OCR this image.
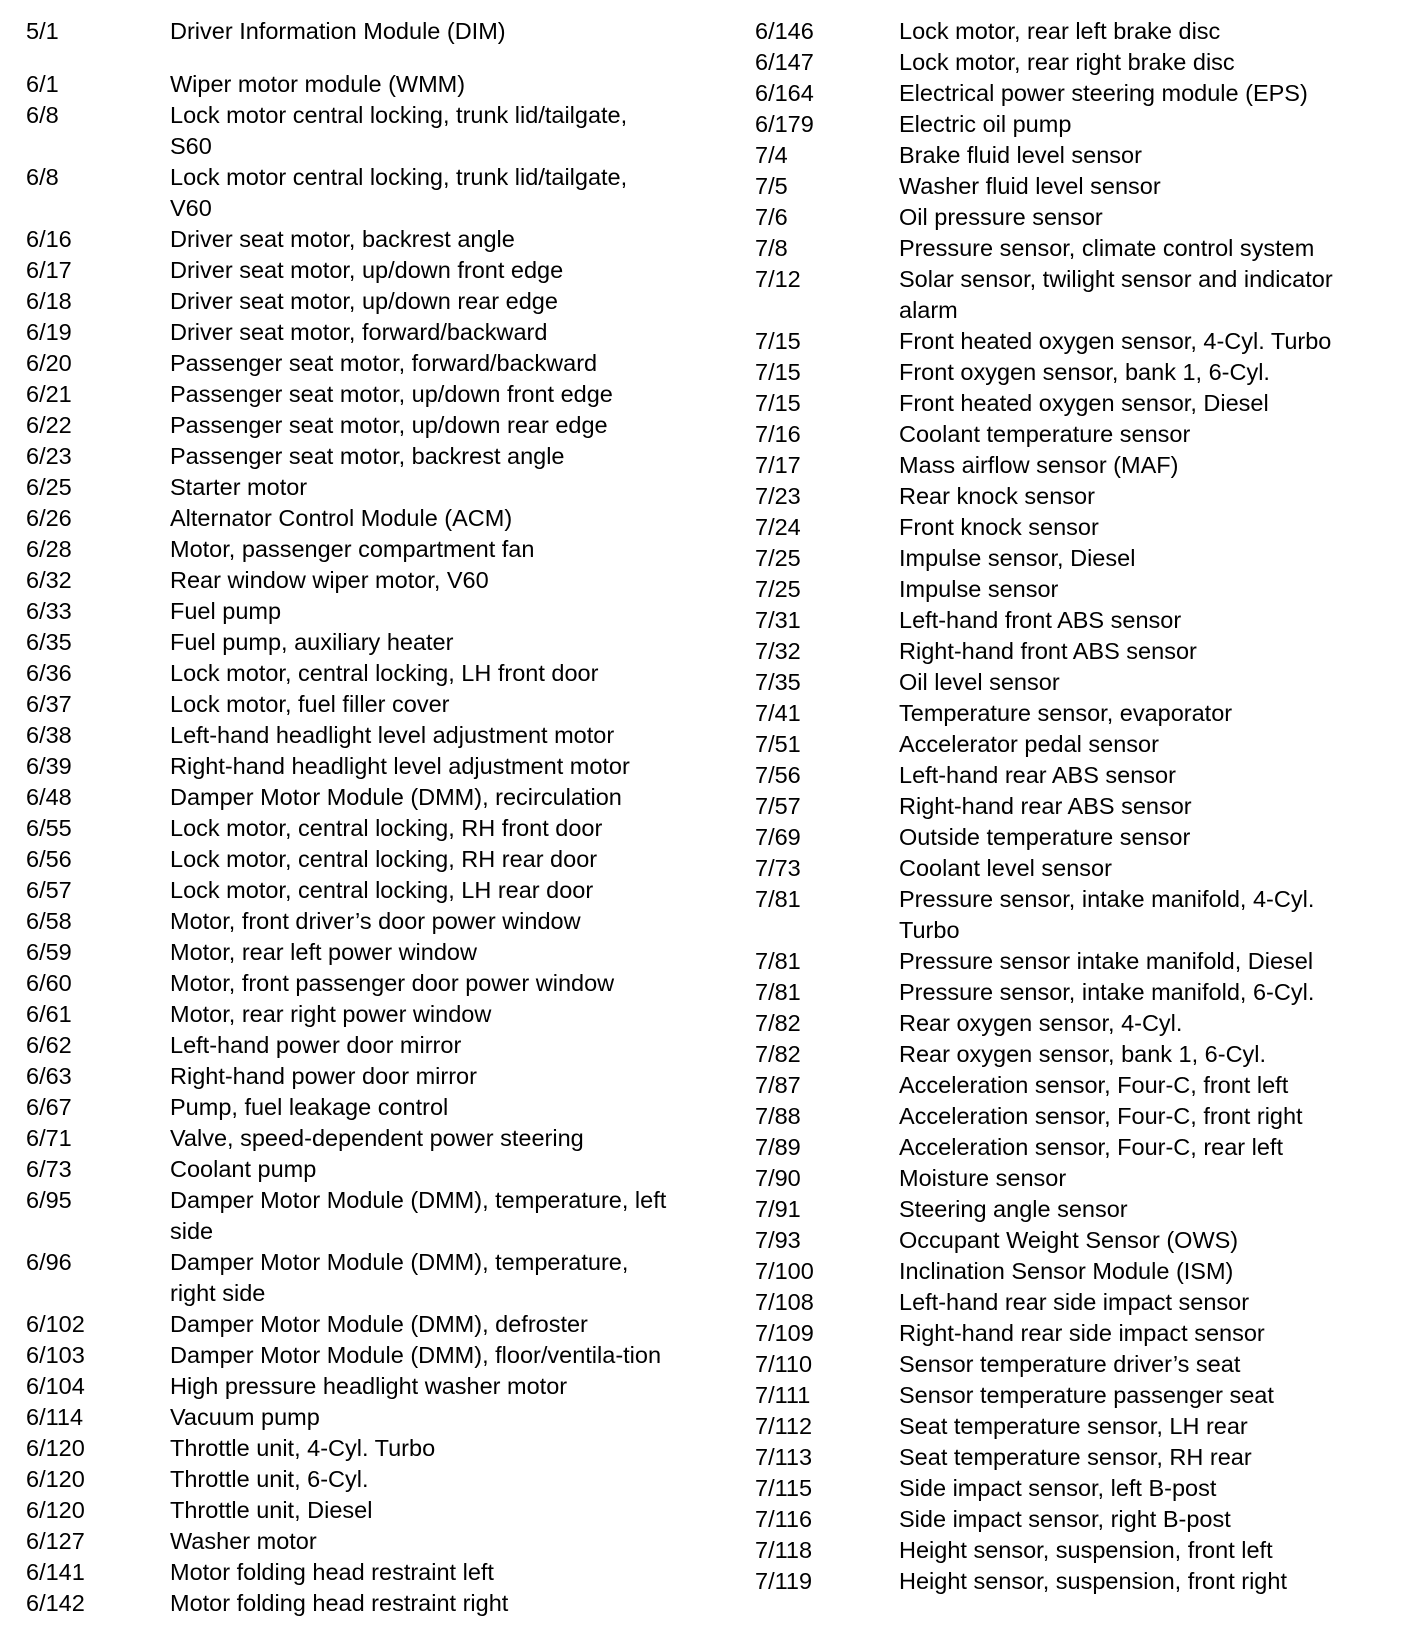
5/1	Driver Information Module (DIM)
6/1	Wiper motor module (WMM)
6/8	Lock motor central locking, trunk lid/tailgate, S60
6/8	Lock motor central locking, trunk lid/tailgate, V60
6/16	Driver seat motor, backrest angle
6/17	Driver seat motor, up/down front edge
6/18	Driver seat motor, up/down rear edge
6/19	Driver seat motor, forward/backward
6/20	Passenger seat motor, forward/backward
6/21	Passenger seat motor, up/down front edge
6/22	Passenger seat motor, up/down rear edge
6/23	Passenger seat motor, backrest angle
6/25	Starter motor
6/26	Alternator Control Module (ACM)
6/28	Motor, passenger compartment fan
6/32	Rear window wiper motor, V60
6/33	Fuel pump
6/35	Fuel pump, auxiliary heater
6/36	Lock motor, central locking, LH front door
6/37	Lock motor, fuel filler cover
6/38	Left-hand headlight level adjustment motor
6/39	Right-hand headlight level adjustment motor
6/48	Damper Motor Module (DMM), recirculation
6/55	Lock motor, central locking, RH front door
6/56	Lock motor, central locking, RH rear door
6/57	Lock motor, central locking, LH rear door
6/58	Motor, front driver’s door power window
6/59	Motor, rear left power window
6/60	Motor, front passenger door power window
6/61	Motor, rear right power window
6/62	Left-hand power door mirror
6/63	Right-hand power door mirror
6/67	Pump, fuel leakage control
6/71	Valve, speed-dependent power steering
6/73	Coolant pump
6/95	Damper Motor Module (DMM), temperature, left side
6/96	Damper Motor Module (DMM), temperature, right side
6/102	Damper Motor Module (DMM), defroster
6/103	Damper Motor Module (DMM), floor/ventila-tion
6/104	High pressure headlight washer motor
6/114	Vacuum pump
6/120	Throttle unit, 4-Cyl. Turbo
6/120	Throttle unit, 6-Cyl.
6/120	Throttle unit, Diesel
6/127	Washer motor
6/141	Motor folding head restraint left
6/142	Motor folding head restraint right
6/146	Lock motor, rear left brake disc
6/147	Lock motor, rear right brake disc
6/164	Electrical power steering module (EPS)
6/179	Electric oil pump
7/4	Brake fluid level sensor
7/5	Washer fluid level sensor
7/6	Oil pressure sensor
7/8	Pressure sensor, climate control system
7/12	Solar sensor, twilight sensor and indicator alarm
7/15	Front heated oxygen sensor, 4-Cyl. Turbo
7/15	Front oxygen sensor, bank 1, 6-Cyl.
7/15	Front heated oxygen sensor, Diesel
7/16	Coolant temperature sensor
7/17	Mass airflow sensor (MAF)
7/23	Rear knock sensor
7/24	Front knock sensor
7/25	Impulse sensor, Diesel
7/25	Impulse sensor
7/31	Left-hand front ABS sensor
7/32	Right-hand front ABS sensor
7/35	Oil level sensor
7/41	Temperature sensor, evaporator
7/51	Accelerator pedal sensor
7/56	Left-hand rear ABS sensor
7/57	Right-hand rear ABS sensor
7/69	Outside temperature sensor
7/73	Coolant level sensor
7/81	Pressure sensor, intake manifold, 4-Cyl. Turbo
7/81	Pressure sensor intake manifold, Diesel
7/81	Pressure sensor, intake manifold, 6-Cyl.
7/82	Rear oxygen sensor, 4-Cyl.
7/82	Rear oxygen sensor, bank 1, 6-Cyl.
7/87	Acceleration sensor, Four-C, front left
7/88	Acceleration sensor, Four-C, front right
7/89	Acceleration sensor, Four-C, rear left
7/90	Moisture sensor
7/91	Steering angle sensor
7/93	Occupant Weight Sensor (OWS)
7/100	Inclination Sensor Module (ISM)
7/108	Left-hand rear side impact sensor
7/109	Right-hand rear side impact sensor
7/110	Sensor temperature driver’s seat
7/111	Sensor temperature passenger seat
7/112	Seat temperature sensor, LH rear
7/113	Seat temperature sensor, RH rear
7/115	Side impact sensor, left B-post
7/116	Side impact sensor, right B-post
7/118	Height sensor, suspension, front left
7/119	Height sensor, suspension, front right
